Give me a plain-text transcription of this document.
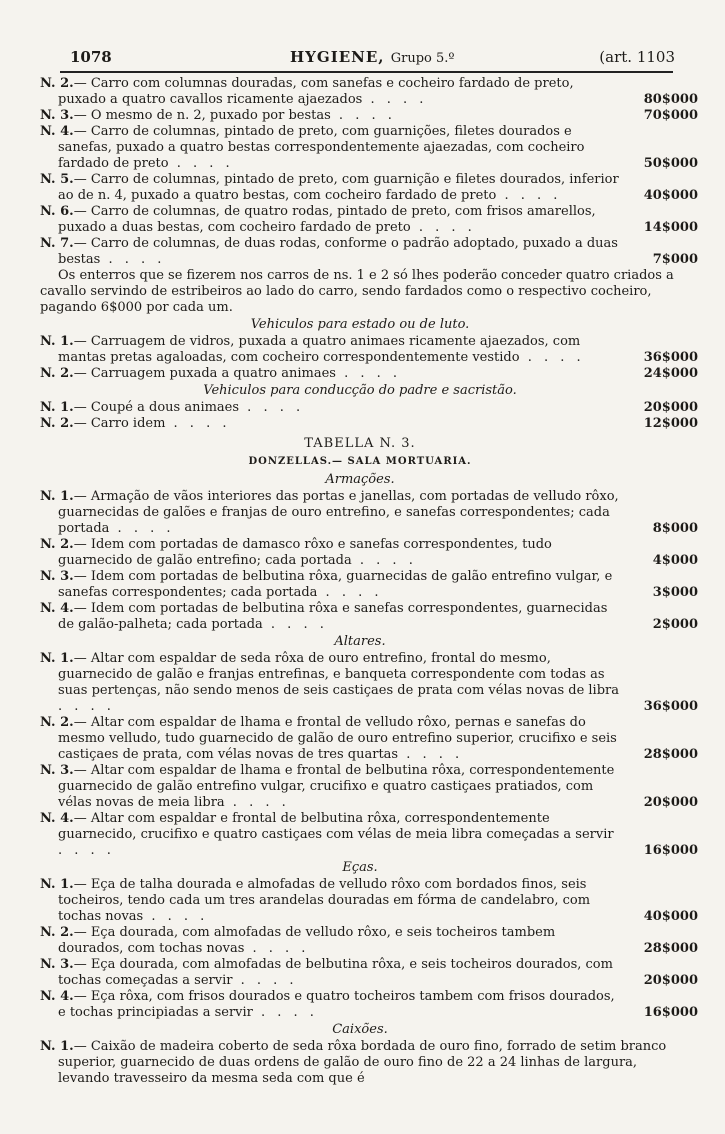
1078	HYGIENE, Grupo 5.º	(art. 1103

N. 2.— Carro com columnas douradas, com sanefas e cocheiro fardado de preto, puxado a quatro cavallos ricamente ajaezados . . . .	80$000

N. 3.— O mesmo de n. 2, puxado por bestas . . . .	70$000

N. 4.— Carro de columnas, pintado de preto, com guarnições, filetes dourados e sanefas, puxado a quatro bestas correspondentemente ajaezadas, com cocheiro fardado de preto . . . .	50$000

N. 5.— Carro de columnas, pintado de preto, com guarnição e filetes dourados, inferior ao de n. 4, puxado a quatro bestas, com cocheiro fardado de preto . . . .	40$000

N. 6.— Carro de columnas, de quatro rodas, pintado de preto, com frisos amarellos, puxado a duas bestas, com cocheiro fardado de preto . . . .	14$000

N. 7.— Carro de columnas, de duas rodas, conforme o padrão adoptado, puxado a duas bestas . . . .	7$000

Os enterros que se fizerem nos carros de ns. 1 e 2 só lhes poderão conceder quatro criados a cavallo servindo de estribeiros ao lado do carro, sendo fardados como o respectivo cocheiro, pagando 6$000 por cada um.

Vehiculos para estado ou de luto.

N. 1.— Carruagem de vidros, puxada a quatro animaes ricamente ajaezados, com mantas pretas agaloadas, com cocheiro correspondentemente vestido . . . .	36$000

N. 2.— Carruagem puxada a quatro animaes . . . .	24$000

Vehiculos para conducção do padre e sacristão.

N. 1.— Coupé a dous animaes . . . .	20$000

N. 2.— Carro idem . . . .	12$000

TABELLA N. 3.
DONZELLAS.— SALA MORTUARIA.
Armações.

N. 1.— Armação de vãos interiores das portas e janellas, com portadas de velludo rôxo, guarnecidas de galões e franjas de ouro entrefino, e sanefas correspondentes; cada portada . . . .	8$000

N. 2.— Idem com portadas de damasco rôxo e sanefas correspondentes, tudo guarnecido de galão entrefino; cada portada . . . .	4$000

N. 3.— Idem com portadas de belbutina rôxa, guarnecidas de galão entrefino vulgar, e sanefas correspondentes; cada portada . . . .	3$000

N. 4.— Idem com portadas de belbutina rôxa e sanefas correspondentes, guarnecidas de galão-palheta; cada portada . . . .	2$000

Altares.

N. 1.— Altar com espaldar de seda rôxa de ouro entrefino, frontal do mesmo, guarnecido de galão e franjas entrefinas, e banqueta correspondente com todas as suas pertenças, não sendo menos de seis castiçaes de prata com vélas novas de libra . . . .	36$000

N. 2.— Altar com espaldar de lhama e frontal de velludo rôxo, pernas e sanefas do mesmo velludo, tudo guarnecido de galão de ouro entrefino superior, crucifixo e seis castiçaes de prata, com vélas novas de tres quartas . . . .	28$000

N. 3.— Altar com espaldar de lhama e frontal de belbutina rôxa, correspondentemente guarnecido de galão entrefino vulgar, crucifixo e quatro castiçaes pratiados, com vélas novas de meia libra . . . .	20$000

N. 4.— Altar com espaldar e frontal de belbutina rôxa, correspondentemente guarnecido, crucifixo e quatro castiçaes com vélas de meia libra começadas a servir . . . .	16$000

Eças.

N. 1.— Eça de talha dourada e almofadas de velludo rôxo com bordados finos, seis tocheiros, tendo cada um tres arandelas douradas em fórma de candelabro, com tochas novas . . . .	40$000

N. 2.— Eça dourada, com almofadas de velludo rôxo, e seis tocheiros tambem dourados, com tochas novas . . . .	28$000

N. 3.— Eça dourada, com almofadas de belbutina rôxa, e seis tocheiros dourados, com tochas começadas a servir . . . .	20$000

N. 4.— Eça rôxa, com frisos dourados e quatro tocheiros tambem com frisos dourados, e tochas principiadas a servir . . . .	16$000

Caixões.

N. 1.— Caixão de madeira coberto de seda rôxa bordada de ouro fino, forrado de setim branco superior, guarnecido de duas ordens de galão de ouro fino de 22 a 24 linhas de largura, levando travesseiro da mesma seda com que é
